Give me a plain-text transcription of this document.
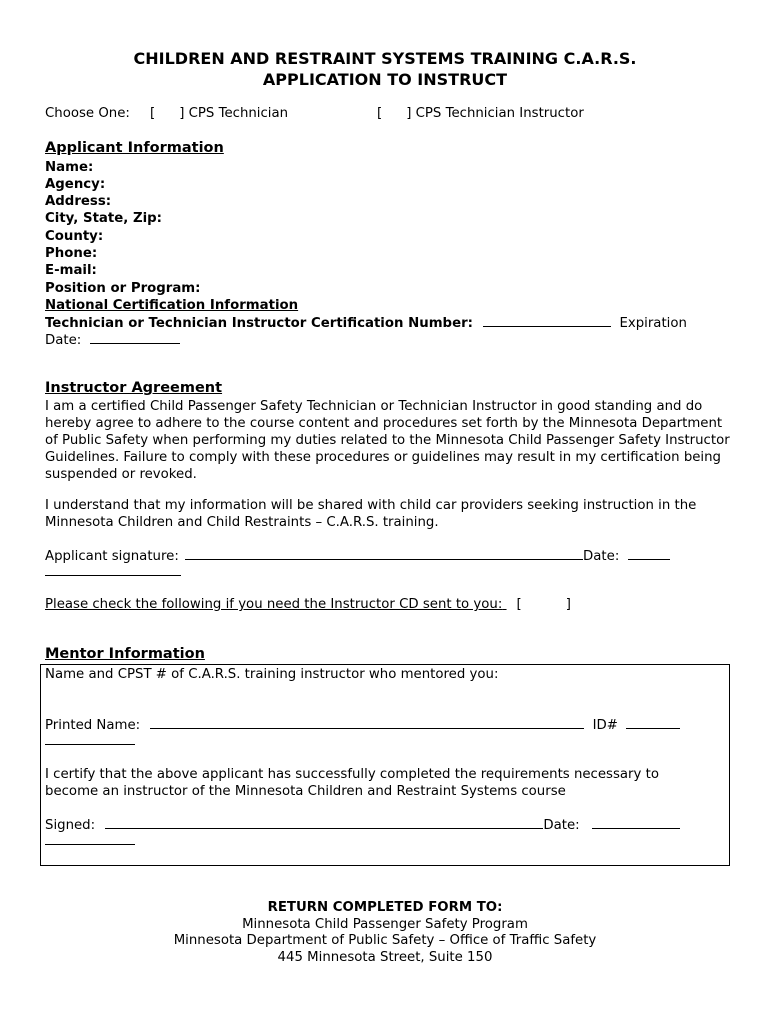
CHILDREN AND RESTRAINT SYSTEMS TRAINING C.A.R.S.
APPLICATION TO INSTRUCT
Choose One: [ ] CPS Technician	[ ] CPS Technician Instructor
Applicant Information
Name:
Agency:
Address:
City, State, Zip:
County:
Phone:
E-mail:
Position or Program:
National Certification Information
Technician or Technician Instructor Certification Number:	Expiration
Date:
Instructor Agreement
I am a certified Child Passenger Safety Technician or Technician Instructor in good standing and do hereby agree to adhere to the course content and procedures set forth by the Minnesota Department of Public Safety when performing my duties related to the Minnesota Child Passenger Safety Instructor Guidelines. Failure to comply with these procedures or guidelines may result in my certification being suspended or revoked.
I understand that my information will be shared with child car providers seeking instruction in the Minnesota Children and Child Restraints – C.A.R.S. training.
Applicant signature:	Date:
Please check the following if you need the Instructor CD sent to you: [	]
Mentor Information
Name and CPST # of C.A.R.S. training instructor who mentored you:
Printed Name:	ID#
I certify that the above applicant has successfully completed the requirements necessary to become an instructor of the Minnesota Children and Restraint Systems course
Signed:	Date:
RETURN COMPLETED FORM TO:
Minnesota Child Passenger Safety Program
Minnesota Department of Public Safety – Office of Traffic Safety
445 Minnesota Street, Suite 150
